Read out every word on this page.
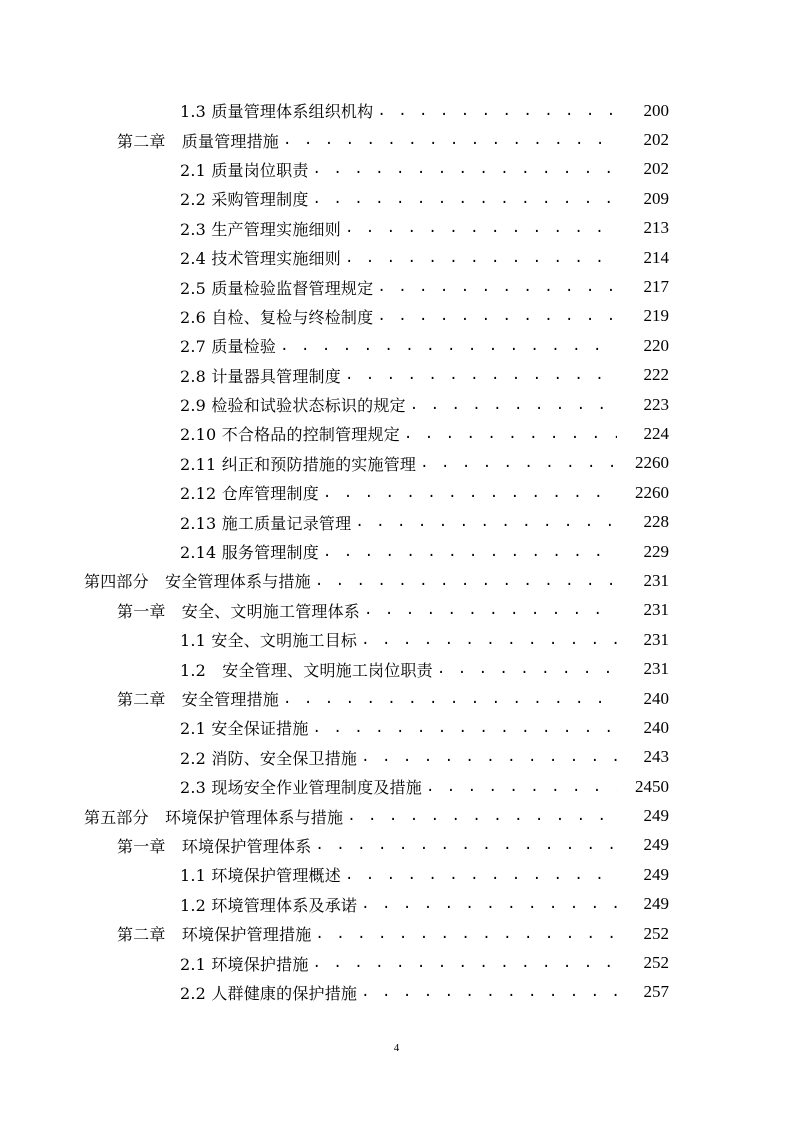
1.3 质量管理体系组织机构 . . .	200
第二章　质量管理措施 . . .	202
2.1 质量岗位职责 . . .	202
2.2 采购管理制度 . . .	209
2.3 生产管理实施细则 . . .	213
2.4 技术管理实施细则 . . .	214
2.5 质量检验监督管理规定 . . .	217
2.6 自检、复检与终检制度 . . .	219
2.7 质量检验 . . .	220
2.8 计量器具管理制度 . . .	222
2.9 检验和试验状态标识的规定 . . .	223
2.10 不合格品的控制管理规定 . . .	224
2.11 纠正和预防措施的实施管理 . . .	2260
2.12 仓库管理制度 . . .	2260
2.13 施工质量记录管理 . . .	228
2.14 服务管理制度 . . .	229
第四部分　安全管理体系与措施 . . .	231
第一章　安全、文明施工管理体系 . . .	231
1.1 安全、文明施工目标 . . .	231
1.2　安全管理、文明施工岗位职责 . . .	231
第二章　安全管理措施 . . .	240
2.1 安全保证措施 . . .	240
2.2 消防、安全保卫措施 . . .	243
2.3 现场安全作业管理制度及措施 . . .	2450
第五部分　环境保护管理体系与措施 . . .	249
第一章　环境保护管理体系 . . .	249
1.1 环境保护管理概述 . . .	249
1.2 环境管理体系及承诺 . . .	249
第二章　环境保护管理措施 . . .	252
2.1 环境保护措施 . . .	252
2.2 人群健康的保护措施 . . .	257
4
